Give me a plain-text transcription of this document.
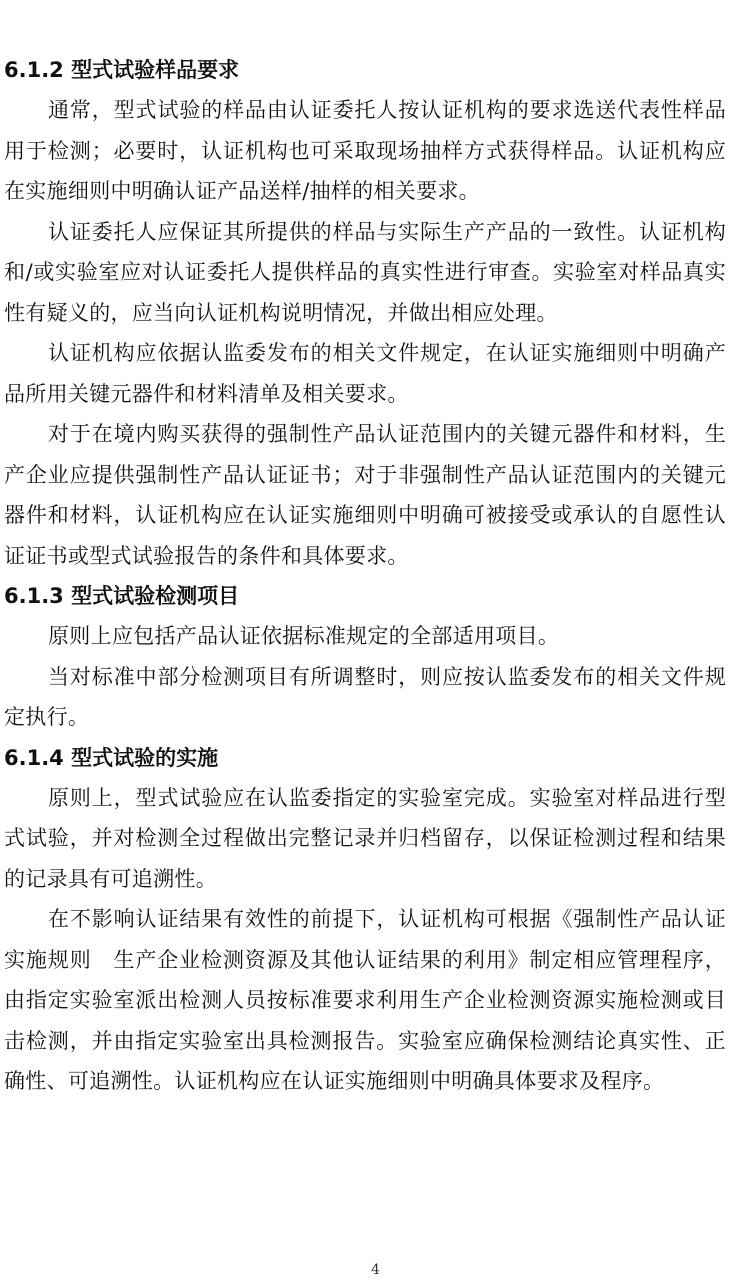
6.1.2 型式试验样品要求

通常，型式试验的样品由认证委托人按认证机构的要求选送代表性样品用于检测；必要时，认证机构也可采取现场抽样方式获得样品。认证机构应在实施细则中明确认证产品送样/抽样的相关要求。

认证委托人应保证其所提供的样品与实际生产产品的一致性。认证机构和/或实验室应对认证委托人提供样品的真实性进行审查。实验室对样品真实性有疑义的，应当向认证机构说明情况，并做出相应处理。

认证机构应依据认监委发布的相关文件规定，在认证实施细则中明确产品所用关键元器件和材料清单及相关要求。

对于在境内购买获得的强制性产品认证范围内的关键元器件和材料，生产企业应提供强制性产品认证证书；对于非强制性产品认证范围内的关键元器件和材料，认证机构应在认证实施细则中明确可被接受或承认的自愿性认证证书或型式试验报告的条件和具体要求。

6.1.3 型式试验检测项目

原则上应包括产品认证依据标准规定的全部适用项目。

当对标准中部分检测项目有所调整时，则应按认监委发布的相关文件规定执行。

6.1.4 型式试验的实施

原则上，型式试验应在认监委指定的实验室完成。实验室对样品进行型式试验，并对检测全过程做出完整记录并归档留存，以保证检测过程和结果的记录具有可追溯性。

在不影响认证结果有效性的前提下，认证机构可根据《强制性产品认证实施规则　生产企业检测资源及其他认证结果的利用》制定相应管理程序，由指定实验室派出检测人员按标准要求利用生产企业检测资源实施检测或目击检测，并由指定实验室出具检测报告。实验室应确保检测结论真实性、正确性、可追溯性。认证机构应在认证实施细则中明确具体要求及程序。

4
